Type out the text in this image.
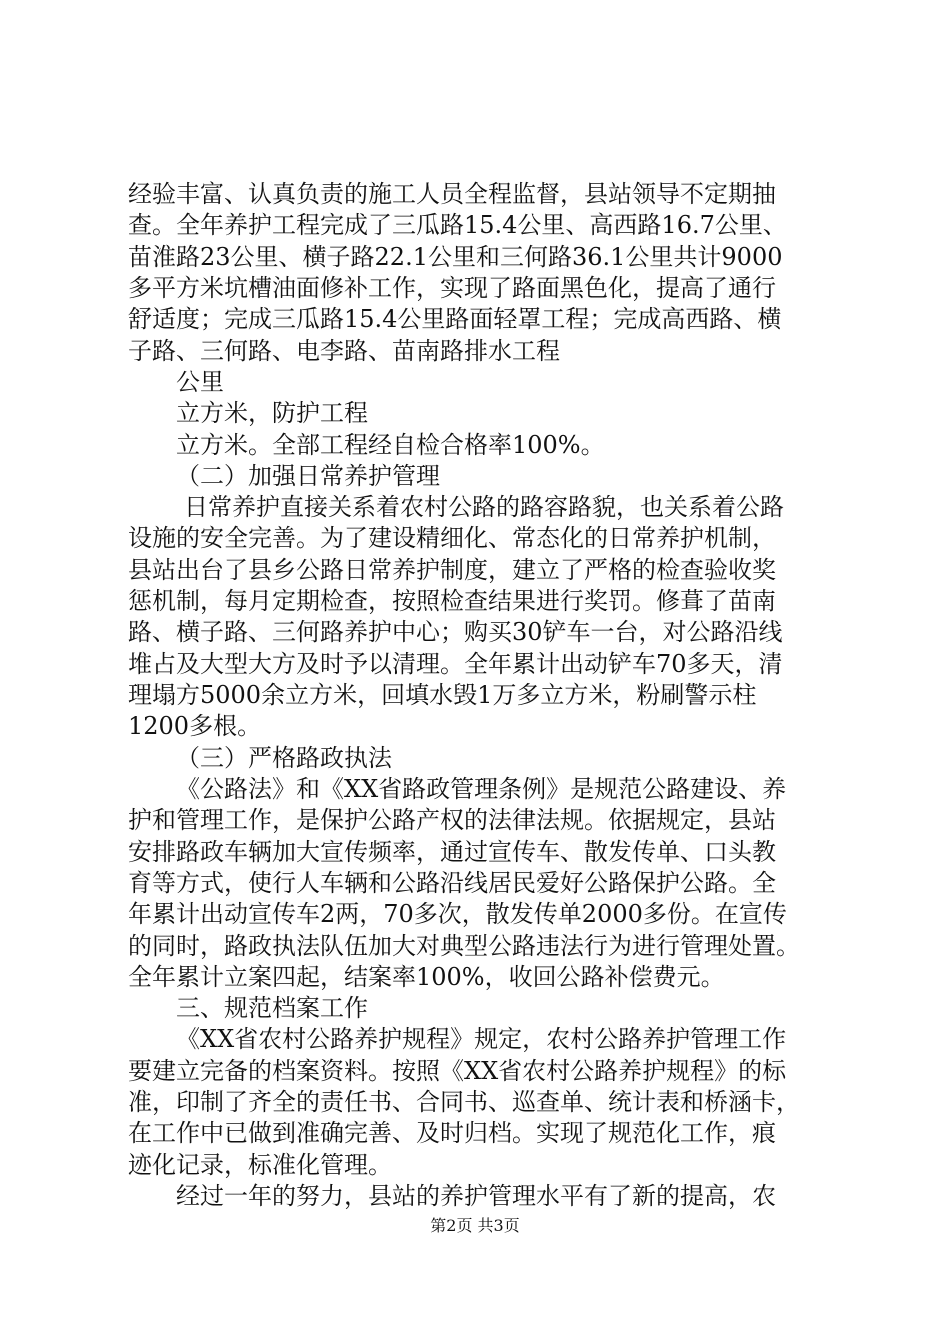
经验丰富、认真负责的施工人员全程监督，县站领导不定期抽
查。全年养护工程完成了三瓜路15.4公里、高西路16.7公里、
苗淮路23公里、横子路22.1公里和三何路36.1公里共计9000
多平方米坑槽油面修补工作，实现了路面黑色化，提高了通行
舒适度；完成三瓜路15.4公里路面轻罩工程；完成高西路、横
子路、三何路、电李路、苗南路排水工程
公里
立方米，防护工程
立方米。全部工程经自检合格率100%。
（二）加强日常养护管理
日常养护直接关系着农村公路的路容路貌，也关系着公路
设施的安全完善。为了建设精细化、常态化的日常养护机制，
县站出台了县乡公路日常养护制度，建立了严格的检查验收奖
惩机制，每月定期检查，按照检查结果进行奖罚。修葺了苗南
路、横子路、三何路养护中心；购买30铲车一台，对公路沿线
堆占及大型大方及时予以清理。全年累计出动铲车70多天，清
理塌方5000余立方米，回填水毁1万多立方米，粉刷警示柱
1200多根。
（三）严格路政执法
《公路法》和《XX省路政管理条例》是规范公路建设、养
护和管理工作，是保护公路产权的法律法规。依据规定，县站
安排路政车辆加大宣传频率，通过宣传车、散发传单、口头教
育等方式，使行人车辆和公路沿线居民爱好公路保护公路。全
年累计出动宣传车2两，70多次，散发传单2000多份。在宣传
的同时，路政执法队伍加大对典型公路违法行为进行管理处置。
全年累计立案四起，结案率100%，收回公路补偿费元。
三、规范档案工作
《XX省农村公路养护规程》规定，农村公路养护管理工作
要建立完备的档案资料。按照《XX省农村公路养护规程》的标
准，印制了齐全的责任书、合同书、巡查单、统计表和桥涵卡，
在工作中已做到准确完善、及时归档。实现了规范化工作，痕
迹化记录，标准化管理。
经过一年的努力，县站的养护管理水平有了新的提高，农
第2页 共3页
